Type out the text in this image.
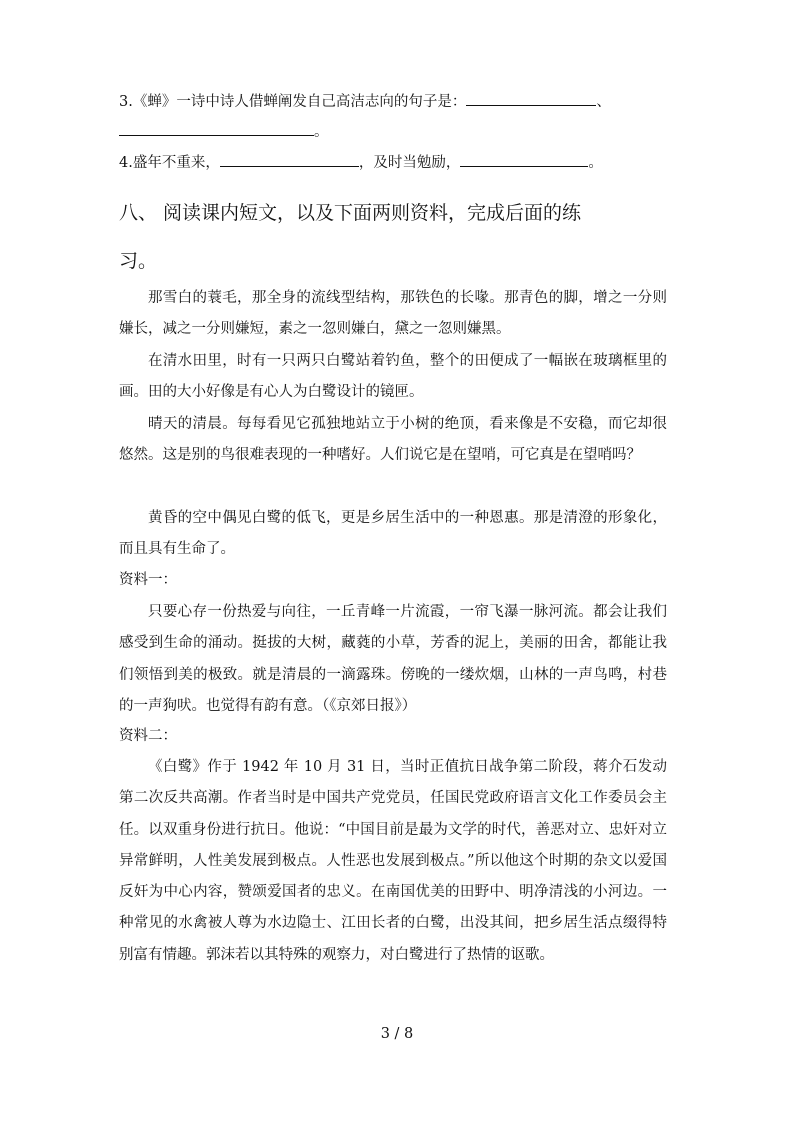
3.《蝉》一诗中诗人借蝉阐发自己高洁志向的句子是：	、
。
4.盛年不重来，	，及时当勉励，	。
八、 阅读课内短文，以及下面两则资料，完成后面的练
习。
那雪白的蓑毛，那全身的流线型结构，那铁色的长喙。那青色的脚，增之一分则嫌长，减之一分则嫌短，素之一忽则嫌白，黛之一忽则嫌黑。
在清水田里，时有一只两只白鹭站着钓鱼，整个的田便成了一幅嵌在玻璃框里的画。田的大小好像是有心人为白鹭设计的镜匣。
晴天的清晨。每每看见它孤独地站立于小树的绝顶，看来像是不安稳，而它却很悠然。这是别的鸟很难表现的一种嗜好。人们说它是在望哨，可它真是在望哨吗？
黄昏的空中偶见白鹭的低飞，更是乡居生活中的一种恩惠。那是清澄的形象化，而且具有生命了。
资料一：
只要心存一份热爱与向往，一丘青峰一片流霞，一帘飞瀑一脉河流。都会让我们感受到生命的涌动。挺拔的大树，藏蕤的小草，芳香的泥上，美丽的田舍，都能让我们领悟到美的极致。就是清晨的一滴露珠。傍晚的一缕炊烟，山林的一声鸟鸣，村巷的一声狗吠。也觉得有韵有意。（《京郊日报》）
资料二：
《白鹭》作于 1942 年 10 月 31 日，当时正值抗日战争第二阶段，蒋介石发动第二次反共高潮。作者当时是中国共产党党员，任国民党政府语言文化工作委员会主任。以双重身份进行抗日。他说：“中国目前是最为文学的时代，善恶对立、忠奸对立异常鲜明，人性美发展到极点。人性恶也发展到极点。”所以他这个时期的杂文以爱国反奸为中心内容，赞颂爱国者的忠义。在南国优美的田野中、明净清浅的小河边。一种常见的水禽被人尊为水边隐士、江田长者的白鹭，出没其间，把乡居生活点缀得特别富有情趣。郭沫若以其特殊的观察力，对白鹭进行了热情的讴歌。
3 / 8
